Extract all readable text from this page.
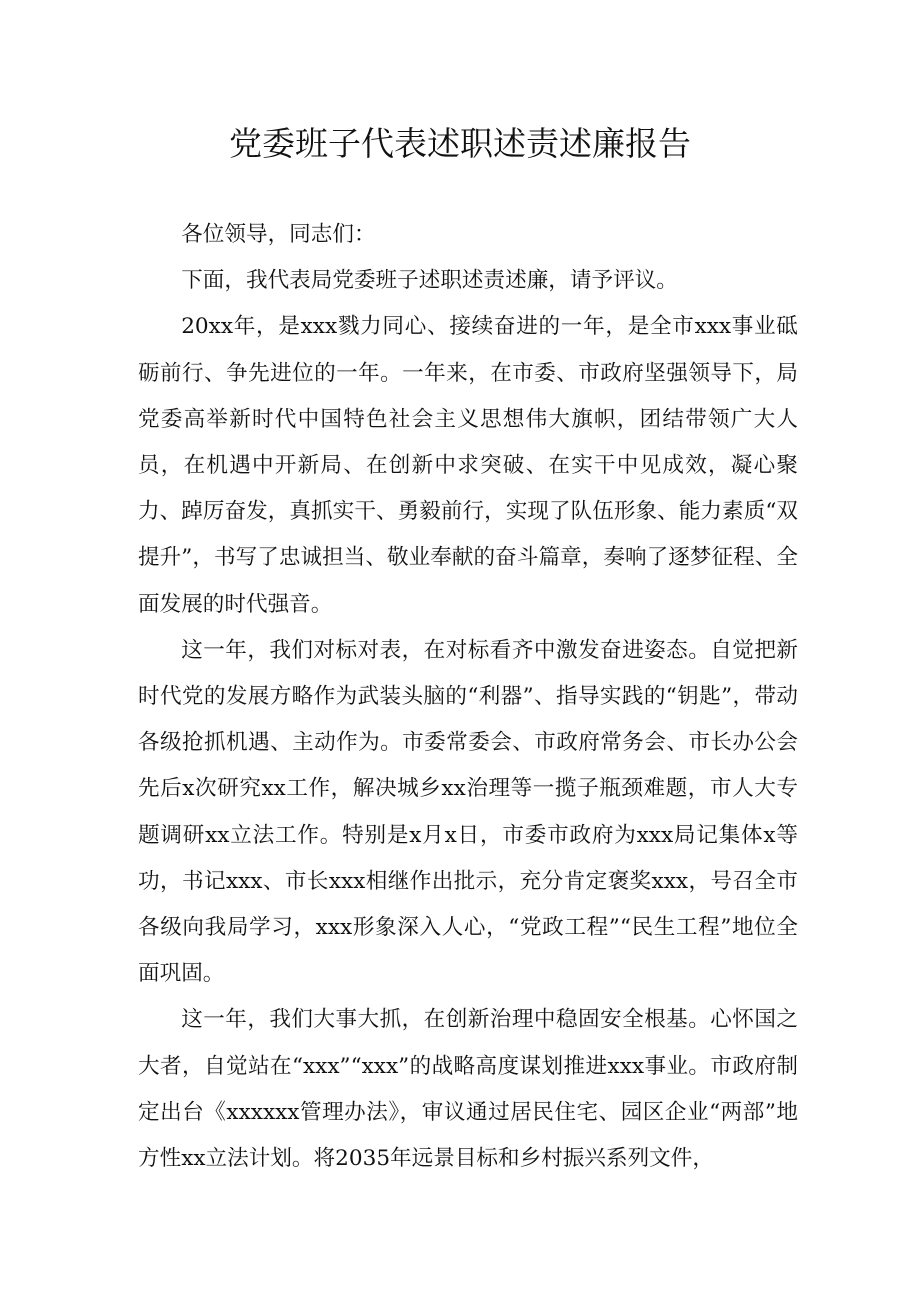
党委班子代表述职述责述廉报告

各位领导，同志们：

下面，我代表局党委班子述职述责述廉，请予评议。

20xx年，是xxx戮力同心、接续奋进的一年，是全市xxx事业砥砺前行、争先进位的一年。一年来，在市委、市政府坚强领导下，局党委高举新时代中国特色社会主义思想伟大旗帜，团结带领广大人员，在机遇中开新局、在创新中求突破、在实干中见成效，凝心聚力、踔厉奋发，真抓实干、勇毅前行，实现了队伍形象、能力素质“双提升”，书写了忠诚担当、敬业奉献的奋斗篇章，奏响了逐梦征程、全面发展的时代强音。

这一年，我们对标对表，在对标看齐中激发奋进姿态。自觉把新时代党的发展方略作为武装头脑的“利器”、指导实践的“钥匙”，带动各级抢抓机遇、主动作为。市委常委会、市政府常务会、市长办公会先后x次研究xx工作，解决城乡xx治理等一揽子瓶颈难题，市人大专题调研xx立法工作。特别是x月x日，市委市政府为xxx局记集体x等功，书记xxx、市长xxx相继作出批示，充分肯定褒奖xxx，号召全市各级向我局学习，xxx形象深入人心，“党政工程”“民生工程”地位全面巩固。

这一年，我们大事大抓，在创新治理中稳固安全根基。心怀国之大者，自觉站在“xxx”“xxx”的战略高度谋划推进xxx事业。市政府制定出台《xxxxxx管理办法》，审议通过居民住宅、园区企业“两部”地方性xx立法计划。将2035年远景目标和乡村振兴系列文件，
